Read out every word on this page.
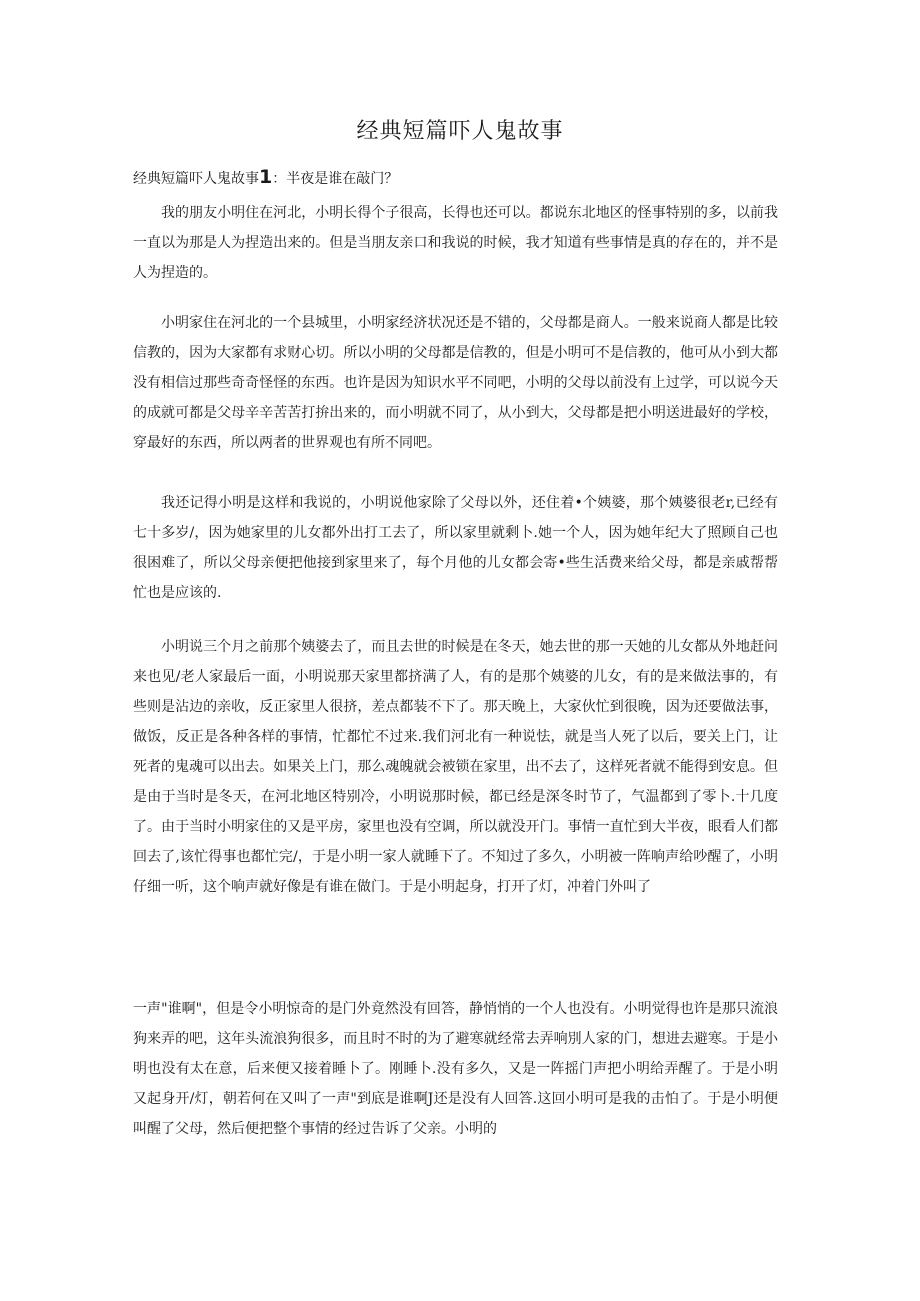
经典短篇吓人鬼故事

经典短篇吓人鬼故事1：半夜是谁在敲门？

我的朋友小明住在河北，小明长得个子很高，长得也还可以。都说东北地区的怪事特别的多，以前我一直以为那是人为捏造出来的。但是当朋友亲口和我说的时候，我才知道有些事情是真的存在的，并不是人为捏造的。

小明家住在河北的一个县城里，小明家经济状况还是不错的，父母都是商人。一般来说商人都是比较信教的，因为大家都有求财心切。所以小明的父母都是信教的，但是小明可不是信教的，他可从小到大都没有相信过那些奇奇怪怪的东西。也许是因为知识水平不同吧，小明的父母以前没有上过学，可以说今天的成就可都是父母辛辛苦苦打拚出来的，而小明就不同了，从小到大，父母都是把小明送进最好的学校，穿最好的东西，所以两者的世界观也有所不同吧。

我还记得小明是这样和我说的，小明说他家除了父母以外，还住着•个姨婆，那个姨婆很老r,已经有七十多岁/，因为她家里的儿女都外出打工去了，所以家里就剩卜.她一个人，因为她年纪大了照顾自己也很困难了，所以父母亲便把他接到家里来了，每个月他的儿女都会寄•些生活费来给父母，都是亲戚帮帮忙也是应该的.

小明说三个月之前那个姨婆去了，而且去世的时候是在冬天，她去世的那一天她的儿女都从外地赶问来也见/老人家最后一面，小明说那天家里都挤满了人，有的是那个姨婆的儿女，有的是来做法事的，有些则是沾边的亲收，反正家里人很挤，差点都装不下了。那天晚上，大家伙忙到很晚，因为还要做法事，做饭，反正是各种各样的事情，忙都忙不过来.我们河北有一种说怯，就是当人死了以后，要关上门，让死者的鬼魂可以出去。如果关上门，那么魂魄就会被锁在家里，出不去了，这样死者就不能得到安息。但是由于当时是冬天，在河北地区特别冷，小明说那时候，都已经是深冬时节了，气温都到了零卜.十几度了。由于当时小明家住的又是平房，家里也没有空调，所以就没开门。事情一直忙到大半夜，眼看人们都回去了,该忙得事也都忙完/，于是小明一家人就睡下了。不知过了多久，小明被一阵响声给吵醒了，小明仔细一听，这个响声就好像是有谁在做门。于是小明起身，打开了灯，冲着门外叫了

一声"谁啊"，但是令小明惊奇的是门外竟然没有回答，静悄悄的一个人也没有。小明觉得也许是那只流浪狗来弄的吧，这年头流浪狗很多，而且时不时的为了避寒就经常去弄响別人家的门，想进去避寒。于是小明也没有太在意，后来便又接着睡卜了。刚睡卜.没有多久，又是一阵摇门声把小明给弄醒了。于是小明又起身开/灯，朝若何在又叫了一声"到底是谁啊J还是没有人回答.这回小明可是我的击怕了。于是小明便叫醒了父母，然后便把整个事情的经过告诉了父亲。小明的
